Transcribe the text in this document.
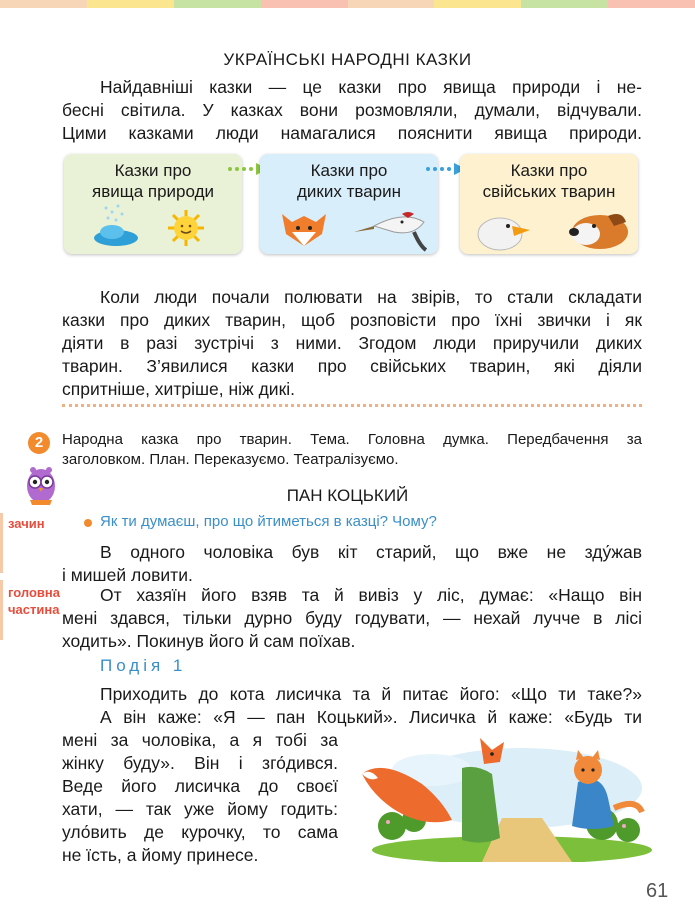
УКРАЇНСЬКІ НАРОДНІ КАЗКИ
Найдавніші казки — це казки про явища природи і не-
бесні світила. У казках вони розмовляли, думали, відчували.
Цими казками люди намагалися пояснити явища природи.
Казки про
явища природи
Казки про
диких тварин
Казки про
свійських тварин
Коли люди почали полювати на звірів, то стали складати
казки про диких тварин, щоб розповісти про їхні звички і як
діяти в разі зустрічі з ними. Згодом люди приручили диких
тварин. З’явилися казки про свійських тварин, які діяли
спритніше, хитріше, ніж дикі.
2	Народна казка про тварин. Тема. Головна думка. Передбачення за
заголовком. План. Переказуємо. Театралізуємо.
ПАН КОЦЬКИЙ
зачин	Як ти думаєш, про що йтиметься в казці? Чому?
В одного чоловіка був кіт старий, що вже не зду́жав
і мишей ловити.
головна
частина
От хазяїн його взяв та й вивіз у ліс, думає: «Нащо він
мені здався, тільки дурно буду годувати, — нехай лучче в лісі
ходить». Покинув його й сам поїхав.
Подія 1
Приходить до кота лисичка та й питає його: «Що ти таке?»
А він каже: «Я — пан Коцький». Лисичка й каже: «Будь ти
мені за чоловіка, а я тобі за
жінку буду». Він і зго́дився.
Веде його лисичка до своєї
хати, — так уже йому годить:
уло́вить де курочку, то сама
не їсть, а йому принесе.
61
